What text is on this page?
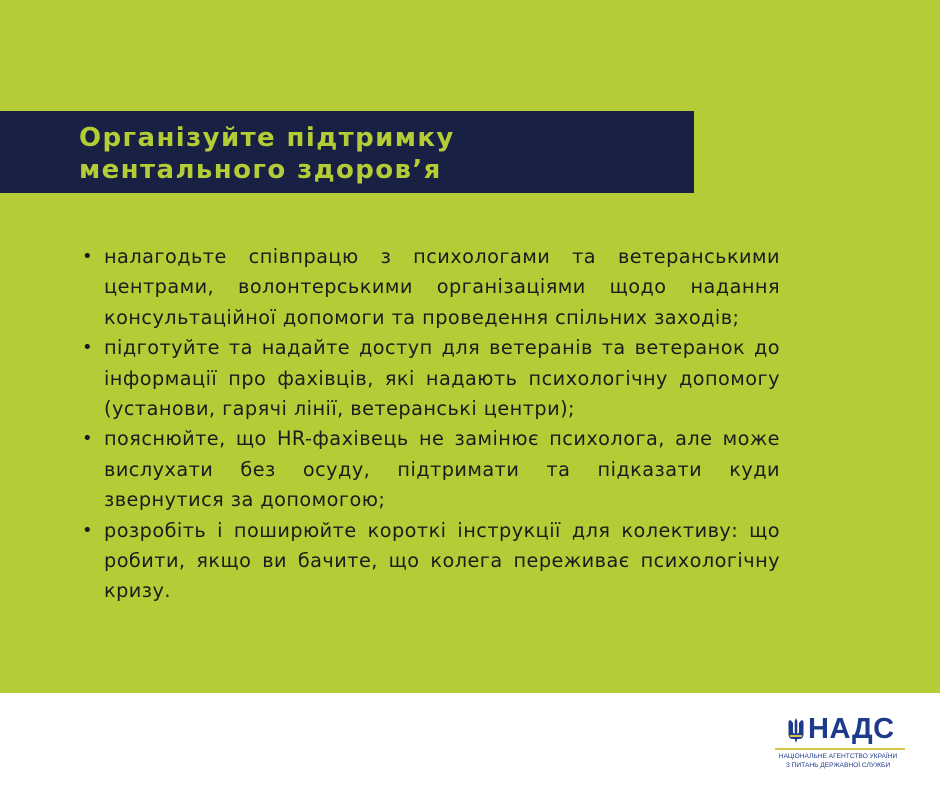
Організуйте підтримку
ментального здоров’я

• налагодьте співпрацю з психологами та ветеранськими центрами, волонтерськими організаціями щодо надання консультаційної допомоги та проведення спільних заходів;

• підготуйте та надайте доступ для ветеранів та ветеранок до інформації про фахівців, які надають психологічну допомогу (установи, гарячі лінії, ветеранські центри);

• пояснюйте, що HR-фахівець не замінює психолога, але може вислухати без осуду, підтримати та підказати куди звернутися за допомогою;

• розробіть і поширюйте короткі інструкції для колективу: що робити, якщо ви бачите, що колега переживає психологічну кризу.

НАДС
НАЦІОНАЛЬНЕ АГЕНТСТВО УКРАЇНИ
З ПИТАНЬ ДЕРЖАВНОЇ СЛУЖБИ
